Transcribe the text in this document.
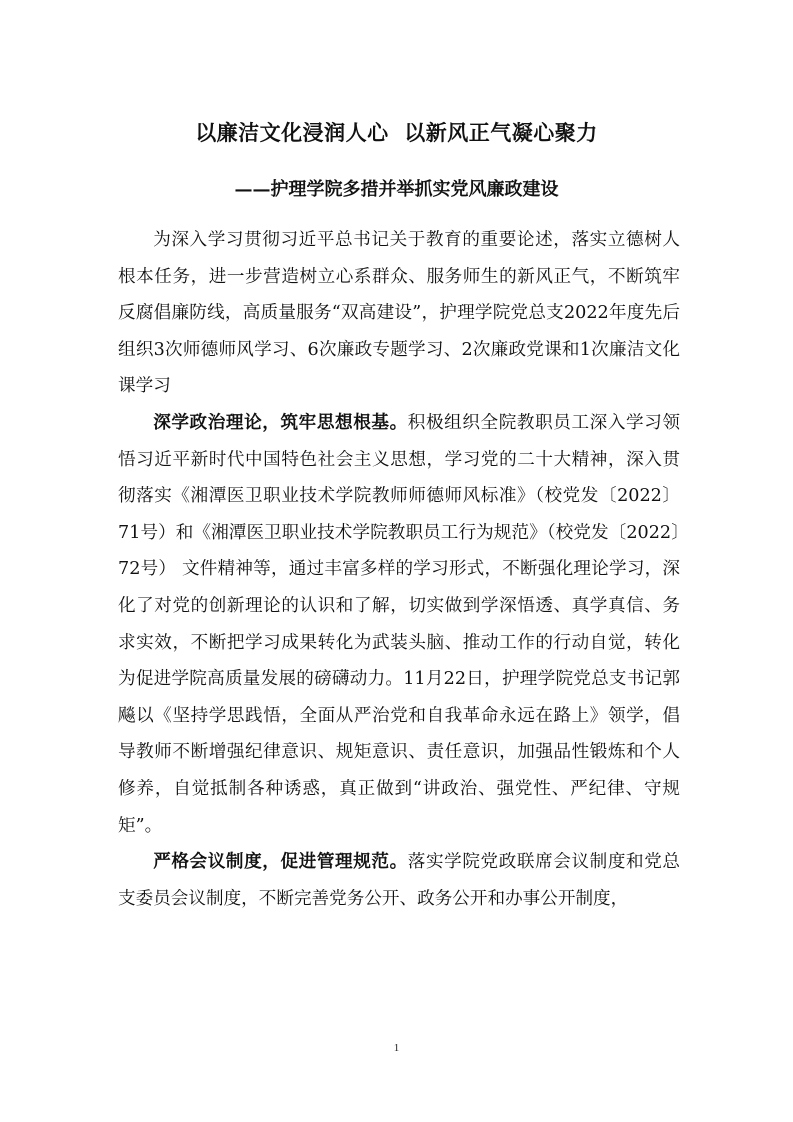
以廉洁文化浸润人心  以新风正气凝心聚力
——护理学院多措并举抓实党风廉政建设

为深入学习贯彻习近平总书记关于教育的重要论述，落实立德树人根本任务，进一步营造树立心系群众、服务师生的新风正气，不断筑牢反腐倡廉防线，高质量服务“双高建设”，护理学院党总支2022年度先后组织3次师德师风学习、6次廉政专题学习、2次廉政党课和1次廉洁文化课学习

深学政治理论，筑牢思想根基。积极组织全院教职员工深入学习领悟习近平新时代中国特色社会主义思想，学习党的二十大精神，深入贯彻落实《湘潭医卫职业技术学院教师师德师风标准》（校党发〔2022〕71号）和《湘潭医卫职业技术学院教职员工行为规范》（校党发〔2022〕72号） 文件精神等，通过丰富多样的学习形式，不断强化理论学习，深化了对党的创新理论的认识和了解，切实做到学深悟透、真学真信、务求实效，不断把学习成果转化为武装头脑、推动工作的行动自觉，转化为促进学院高质量发展的磅礴动力。11月22日，护理学院党总支书记郭飚以《坚持学思践悟，全面从严治党和自我革命永远在路上》领学，倡导教师不断增强纪律意识、规矩意识、责任意识，加强品性锻炼和个人修养，自觉抵制各种诱惑，真正做到“讲政治、强党性、严纪律、守规矩”。

严格会议制度，促进管理规范。落实学院党政联席会议制度和党总支委员会议制度，不断完善党务公开、政务公开和办事公开制度，

1
